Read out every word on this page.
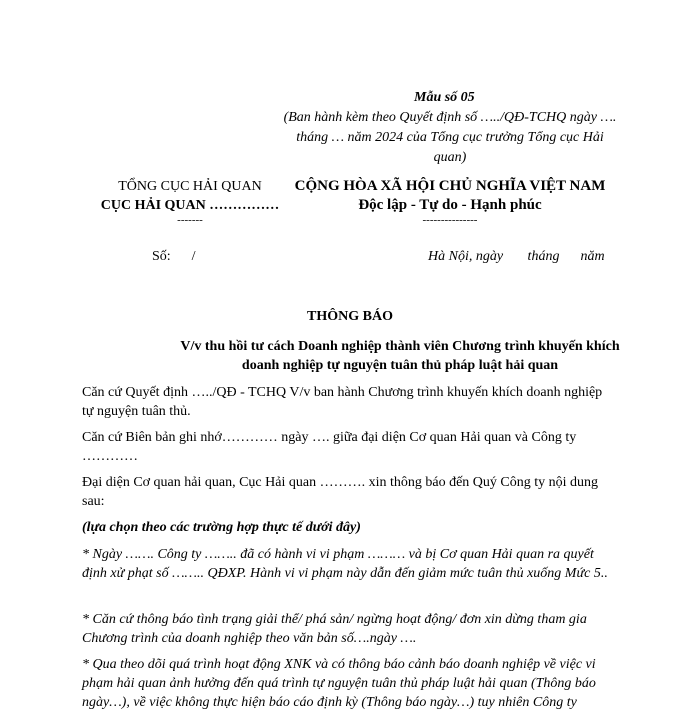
Mẫu số 05
(Ban hành kèm theo Quyết định số …../QĐ-TCHQ ngày …. tháng … năm 2024 của Tổng cục trưởng Tổng cục Hải quan)
TỔNG CỤC HẢI QUAN
CỤC HẢI QUAN ……………
-------
CỘNG HÒA XÃ HỘI CHỦ NGHĨA VIỆT NAM
Độc lập - Tự do - Hạnh phúc
---------------
Số:      /	Hà Nội, ngày       tháng      năm
THÔNG BÁO
V/v thu hồi tư cách Doanh nghiệp thành viên Chương trình khuyến khích doanh nghiệp tự nguyện tuân thủ pháp luật hải quan
Căn cứ Quyết định …../QĐ - TCHQ V/v ban hành Chương trình khuyến khích doanh nghiệp tự nguyện tuân thủ.
Căn cứ Biên bản ghi nhớ………… ngày …. giữa đại diện Cơ quan Hải quan và Công ty …………
Đại diện Cơ quan hải quan, Cục Hải quan ………. xin thông báo đến Quý Công ty nội dung sau:
(lựa chọn theo các trường hợp thực tế dưới đây)
* Ngày ……. Công ty …….. đã có hành vi vi phạm ……… và bị Cơ quan Hải quan ra quyết định xử phạt số …….. QĐXP. Hành vi vi phạm này dẫn đến giảm mức tuân thủ xuống Mức 5..
* Căn cứ thông báo tình trạng giải thể/ phá sản/ ngừng hoạt động/ đơn xin dừng tham gia Chương trình của doanh nghiệp theo văn bản số….ngày ….
* Qua theo dõi quá trình hoạt động XNK và có thông báo cảnh báo doanh nghiệp về việc vi phạm hải quan ảnh hưởng đến quá trình tự nguyện tuân thủ pháp luật hải quan (Thông báo ngày…), về việc không thực hiện báo cáo định kỳ (Thông báo ngày…) tuy nhiên Công ty
